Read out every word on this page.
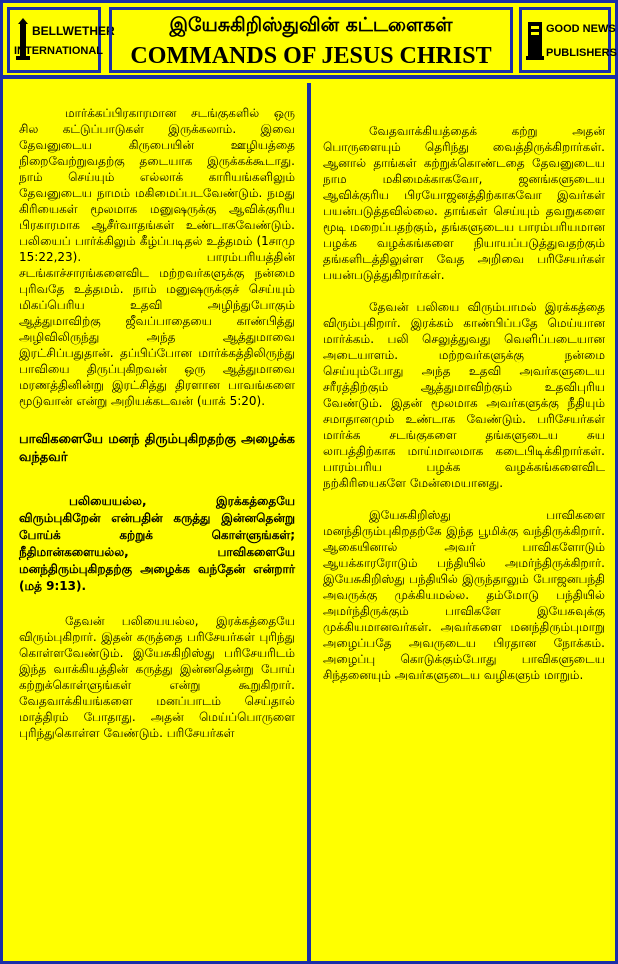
BELLWETHER
INTERNATIONAL
இயேசுகிறிஸ்துவின் கட்டளைகள்
COMMANDS OF JESUS CHRIST
GOOD NEWS
PUBLISHERS

மார்க்கப்பிரகாரமான சடங்குகளில் ஒரு சில கட்டுப்பாடுகள் இருக்கலாம். இவை தேவனுடைய கிருபையின் ஊழியத்தை நிறைவேற்றுவதற்கு தடையாக இருக்கக்கூடாது. நாம் செய்யும் எல்லாக் காரியங்களிலும் தேவனுடைய நாமம் மகிமைப்படவேண்டும். நமது கிரியைகள் மூலமாக மனுஷருக்கு ஆவிக்குரிய பிரகாரமாக ஆசீர்வாதங்கள் உண்டாகவேண்டும். பலியைப் பார்க்கிலும் கீழ்ப்படிதல் உத்தமம் (1சாமு 15:22,23). பாரம்பரியத்தின் சடங்காச்சாரங்களைவிட மற்றவர்களுக்கு நன்மை புரிவதே உத்தமம். நாம் மனுஷருக்குச் செய்யும் மிகப்பெரிய உதவி அழிந்துபோகும் ஆத்துமாவிற்கு ஜீவப்பாதையை காண்பித்து அழிவிலிருந்து அந்த ஆத்துமாவை இரட்சிப்பதுதான். தப்பிப்போன மார்க்கத்திலிருந்து பாவியை திருப்புகிறவன் ஒரு ஆத்துமாவை மரணத்தினின்று இரட்சித்து திரளான பாவங்களை மூடுவான் என்று அறியக்கடவன் (யாக் 5:20).

பாவிகளையே மனந் திரும்புகிறதற்கு அழைக்க வந்தவர்
பலியையல்ல, இரக்கத்தையே விரும்புகிறேன் என்பதின் கருத்து இன்னதென்று போய்க் கற்றுக் கொள்ளுங்கள்; நீதிமான்களையல்ல, பாவிகளையே மனந்திரும்புகிறதற்கு அழைக்க வந்தேன் என்றார் (மத் 9:13).

தேவன் பலியையல்ல, இரக்கத்தையே விரும்புகிறார். இதன் கருத்தை பரிசேயர்கள் புரிந்து கொள்ளவேண்டும். இயேசுகிறிஸ்து பரிசேயரிடம் இந்த வாக்கியத்தின் கருத்து இன்னதென்று போய் கற்றுக்கொள்ளுங்கள் என்று கூறுகிறார். வேதவாக்கியங்களை மனப்பாடம் செய்தால் மாத்திரம் போதாது. அதன் மெய்ப்பொருளை புரிந்துகொள்ள வேண்டும். பரிசேயர்கள்

வேதவாக்கியத்தைக் கற்று அதன் பொருளையும் தெரிந்து வைத்திருக்கிறார்கள். ஆனால் தாங்கள் கற்றுக்கொண்டதை தேவனுடைய நாம மகிமைக்காகவோ, ஜனங்களுடைய ஆவிக்குரிய பிரயோஜனத்திற்காகவோ இவர்கள் பயன்படுத்தவில்லை. தாங்கள் செய்யும் தவறுகளை மூடி மறைப்பதற்கும், தங்களுடைய பாரம்பரியமான பழக்க வழக்கங்களை நியாயப்படுத்துவதற்கும் தங்களிடத்திலுள்ள வேத அறிவை பரிசேயர்கள் பயன்படுத்துகிறார்கள்.

தேவன் பலியை விரும்பாமல் இரக்கத்தை விரும்புகிறார். இரக்கம் காண்பிப்பதே மெய்யான மார்க்கம். பலி செலுத்துவது வெளிப்படையான அடையாளம். மற்றவர்களுக்கு நன்மை செய்யும்போது அந்த உதவி அவர்களுடைய சரீரத்திற்கும் ஆத்துமாவிற்கும் உதவிபுரிய வேண்டும். இதன் மூலமாக அவர்களுக்கு நீதியும் சமாதானமும் உண்டாக வேண்டும். பரிசேயர்கள் மார்க்க சடங்குகளை தங்களுடைய சுய லாபத்திற்காக மாய்மாலமாக கடைபிடிக்கிறார்கள். பாரம்பரிய பழக்க வழக்கங்களைவிட நற்கிரியைகளே மேன்மையானது.

இயேசுகிறிஸ்து பாவிகளை மனந்திரும்புகிறதற்கே இந்த பூமிக்கு வந்திருக்கிறார். ஆகையினால் அவர் பாவிகளோடும் ஆயக்காரரோடும் பந்தியில் அமர்ந்திருக்கிறார். இயேசுகிறிஸ்து பந்தியில் இருந்தாலும் போஜனபந்தி அவருக்கு முக்கியமல்ல. தம்மோடு பந்தியில் அமர்ந்திருக்கும் பாவிகளே இயேசுவுக்கு முக்கியமானவர்கள். அவர்களை மனந்திரும்புமாறு அழைப்பதே அவருடைய பிரதான நோக்கம். அழைப்பு கொடுக்கும்போது பாவிகளுடைய சிந்தனையும் அவர்களுடைய வழிகளும் மாறும்.
